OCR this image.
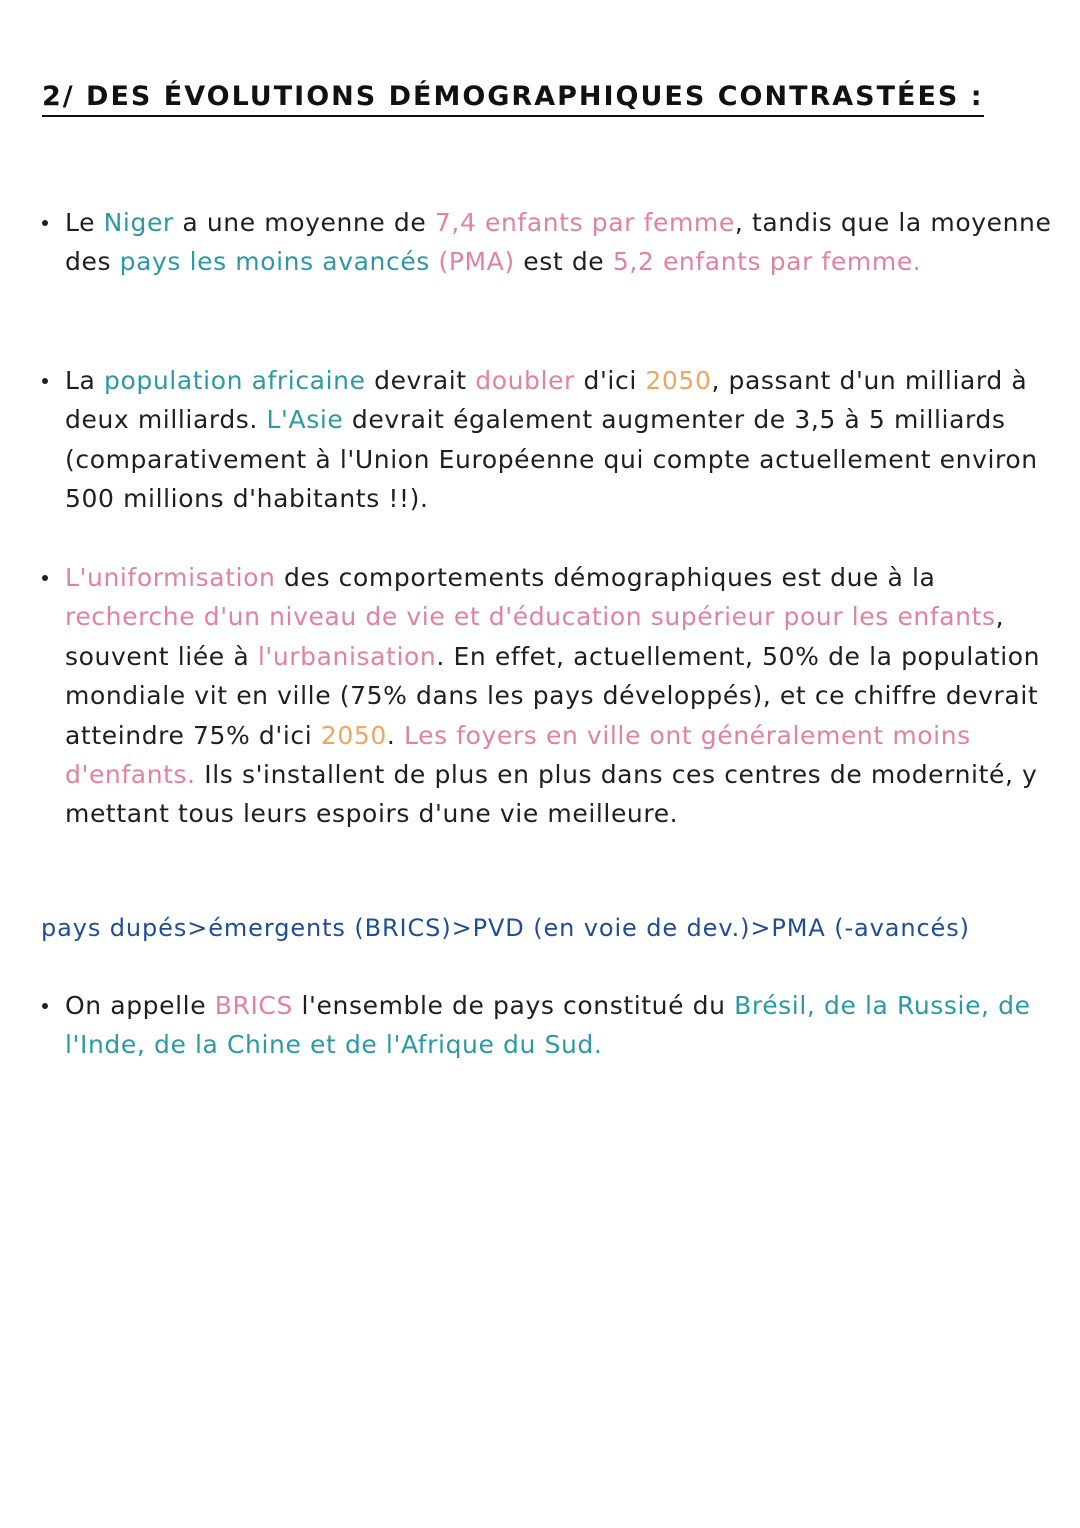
2/ DES ÉVOLUTIONS DÉMOGRAPHIQUES CONTRASTÉES :

Le Niger a une moyenne de 7,4 enfants par femme, tandis que la moyenne des pays les moins avancés (PMA) est de 5,2 enfants par femme.

La population africaine devrait doubler d'ici 2050, passant d'un milliard à deux milliards. L'Asie devrait également augmenter de 3,5 à 5 milliards (comparativement à l'Union Européenne qui compte actuellement environ 500 millions d'habitants !!).

L'uniformisation des comportements démographiques est due à la recherche d'un niveau de vie et d'éducation supérieur pour les enfants, souvent liée à l'urbanisation. En effet, actuellement, 50% de la population mondiale vit en ville (75% dans les pays développés), et ce chiffre devrait atteindre 75% d'ici 2050. Les foyers en ville ont généralement moins d'enfants. Ils s'installent de plus en plus dans ces centres de modernité, y mettant tous leurs espoirs d'une vie meilleure.

pays dupés>émergents (BRICS)>PVD (en voie de dev.)>PMA (-avancés)

On appelle BRICS l'ensemble de pays constitué du Brésil, de la Russie, de l'Inde, de la Chine et de l'Afrique du Sud.
